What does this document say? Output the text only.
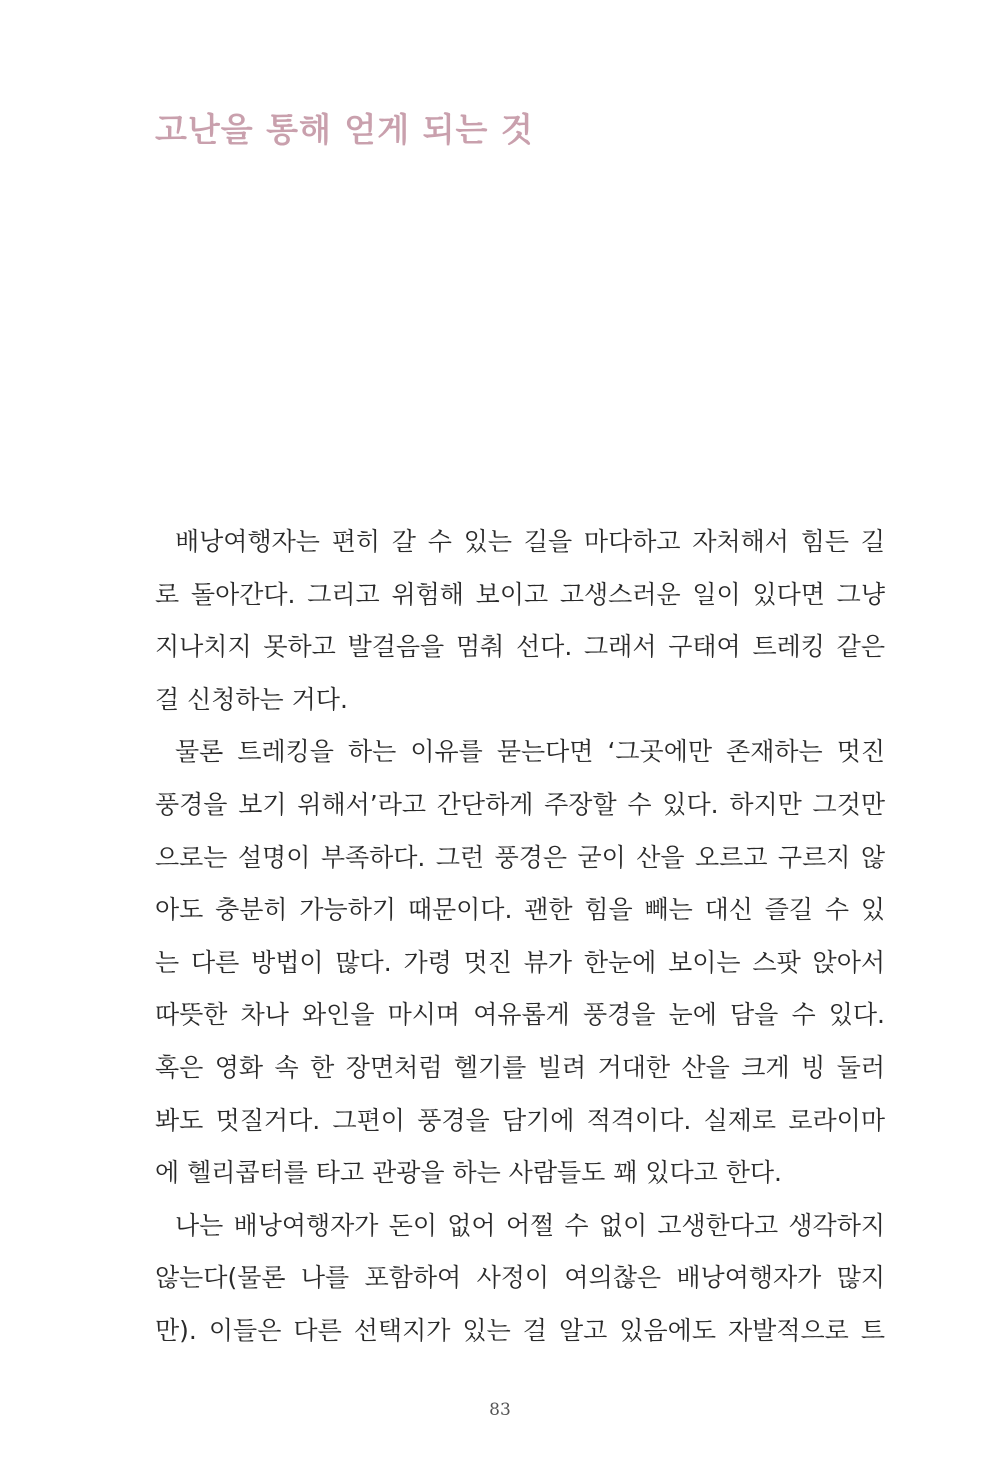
고난을 통해 얻게 되는 것
배낭여행자는 편히 갈 수 있는 길을 마다하고 자처해서 힘든 길
로 돌아간다. 그리고 위험해 보이고 고생스러운 일이 있다면 그냥
지나치지 못하고 발걸음을 멈춰 선다. 그래서 구태여 트레킹 같은
걸 신청하는 거다.
물론 트레킹을 하는 이유를 묻는다면 ‘그곳에만 존재하는 멋진
풍경을 보기 위해서’라고 간단하게 주장할 수 있다. 하지만 그것만
으로는 설명이 부족하다. 그런 풍경은 굳이 산을 오르고 구르지 않
아도 충분히 가능하기 때문이다. 괜한 힘을 빼는 대신 즐길 수 있
는 다른 방법이 많다. 가령 멋진 뷰가 한눈에 보이는 스팟 앉아서
따뜻한 차나 와인을 마시며 여유롭게 풍경을 눈에 담을 수 있다.
혹은 영화 속 한 장면처럼 헬기를 빌려 거대한 산을 크게 빙 둘러
봐도 멋질거다. 그편이 풍경을 담기에 적격이다. 실제로 로라이마
에 헬리콥터를 타고 관광을 하는 사람들도 꽤 있다고 한다.
나는 배낭여행자가 돈이 없어 어쩔 수 없이 고생한다고 생각하지
않는다(물론 나를 포함하여 사정이 여의찮은 배낭여행자가 많지
만). 이들은 다른 선택지가 있는 걸 알고 있음에도 자발적으로 트
83
